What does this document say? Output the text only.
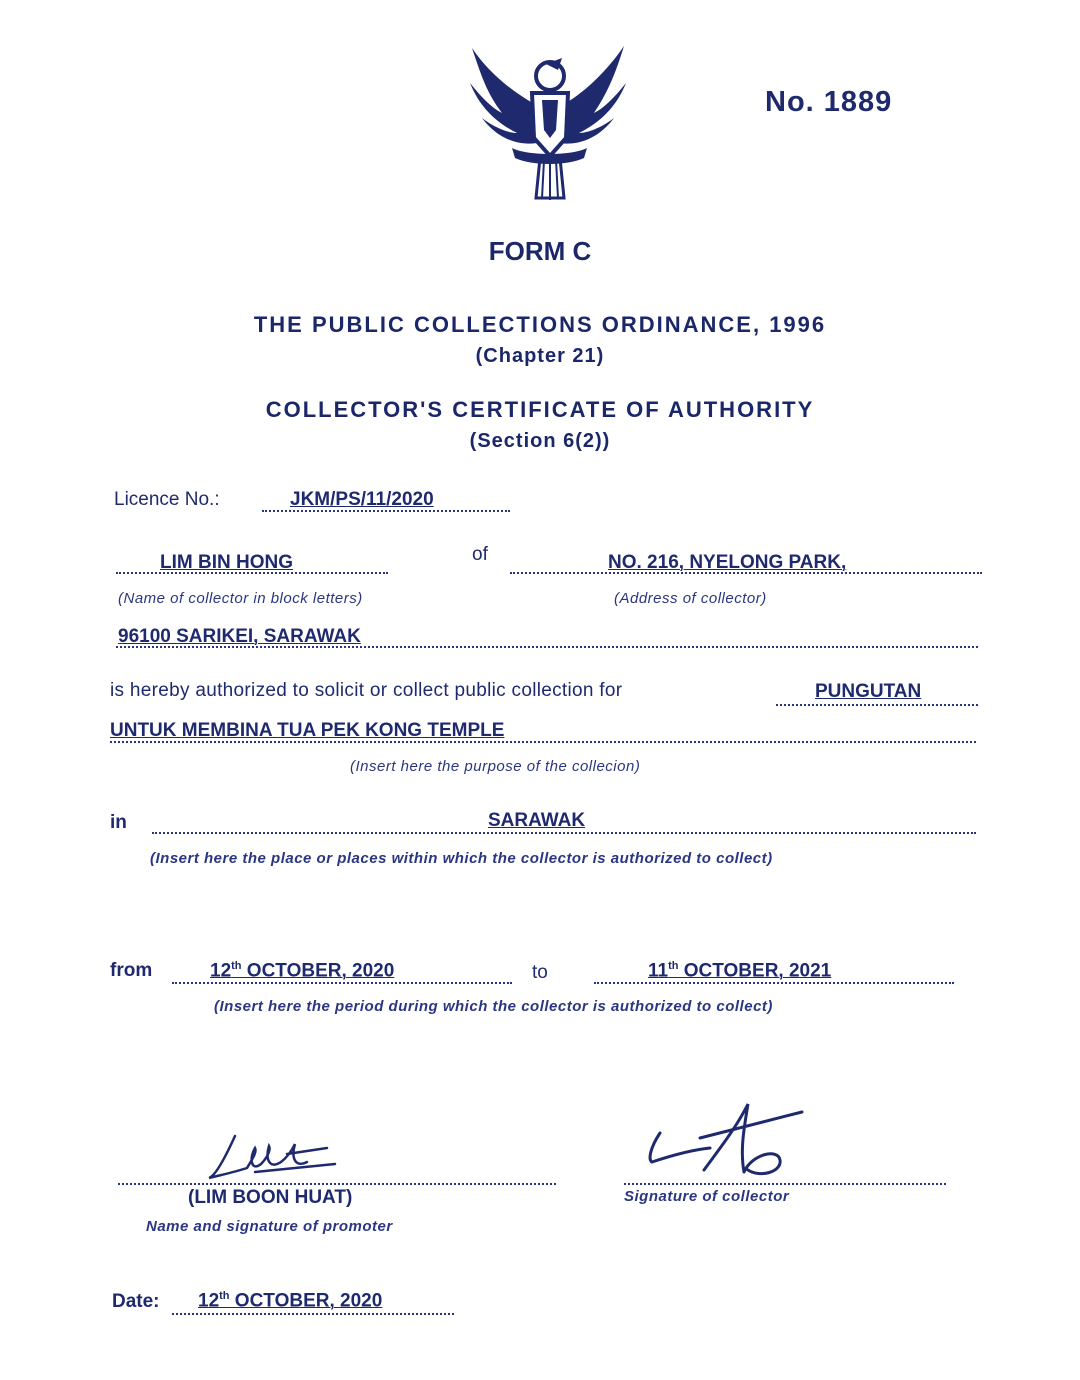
No. 1889
FORM C
THE PUBLIC COLLECTIONS ORDINANCE, 1996
(Chapter 21)
COLLECTOR'S CERTIFICATE OF AUTHORITY
(Section 6(2))
Licence No.:	JKM/PS/11/2020
LIM BIN HONG	of	NO. 216, NYELONG PARK,
(Name of collector in block letters)	(Address of collector)
96100 SARIKEI, SARAWAK
is hereby authorized to solicit or collect public collection for	PUNGUTAN
UNTUK MEMBINA TUA PEK KONG TEMPLE
(Insert here the purpose of the collecion)
in	SARAWAK
(Insert here the place or places within which the collector is authorized to collect)
from	12th OCTOBER, 2020	to	11th OCTOBER, 2021
(Insert here the period during which the collector is authorized to collect)
(LIM BOON HUAT)
Name and signature of promoter
Signature of collector
Date: 12th OCTOBER, 2020
